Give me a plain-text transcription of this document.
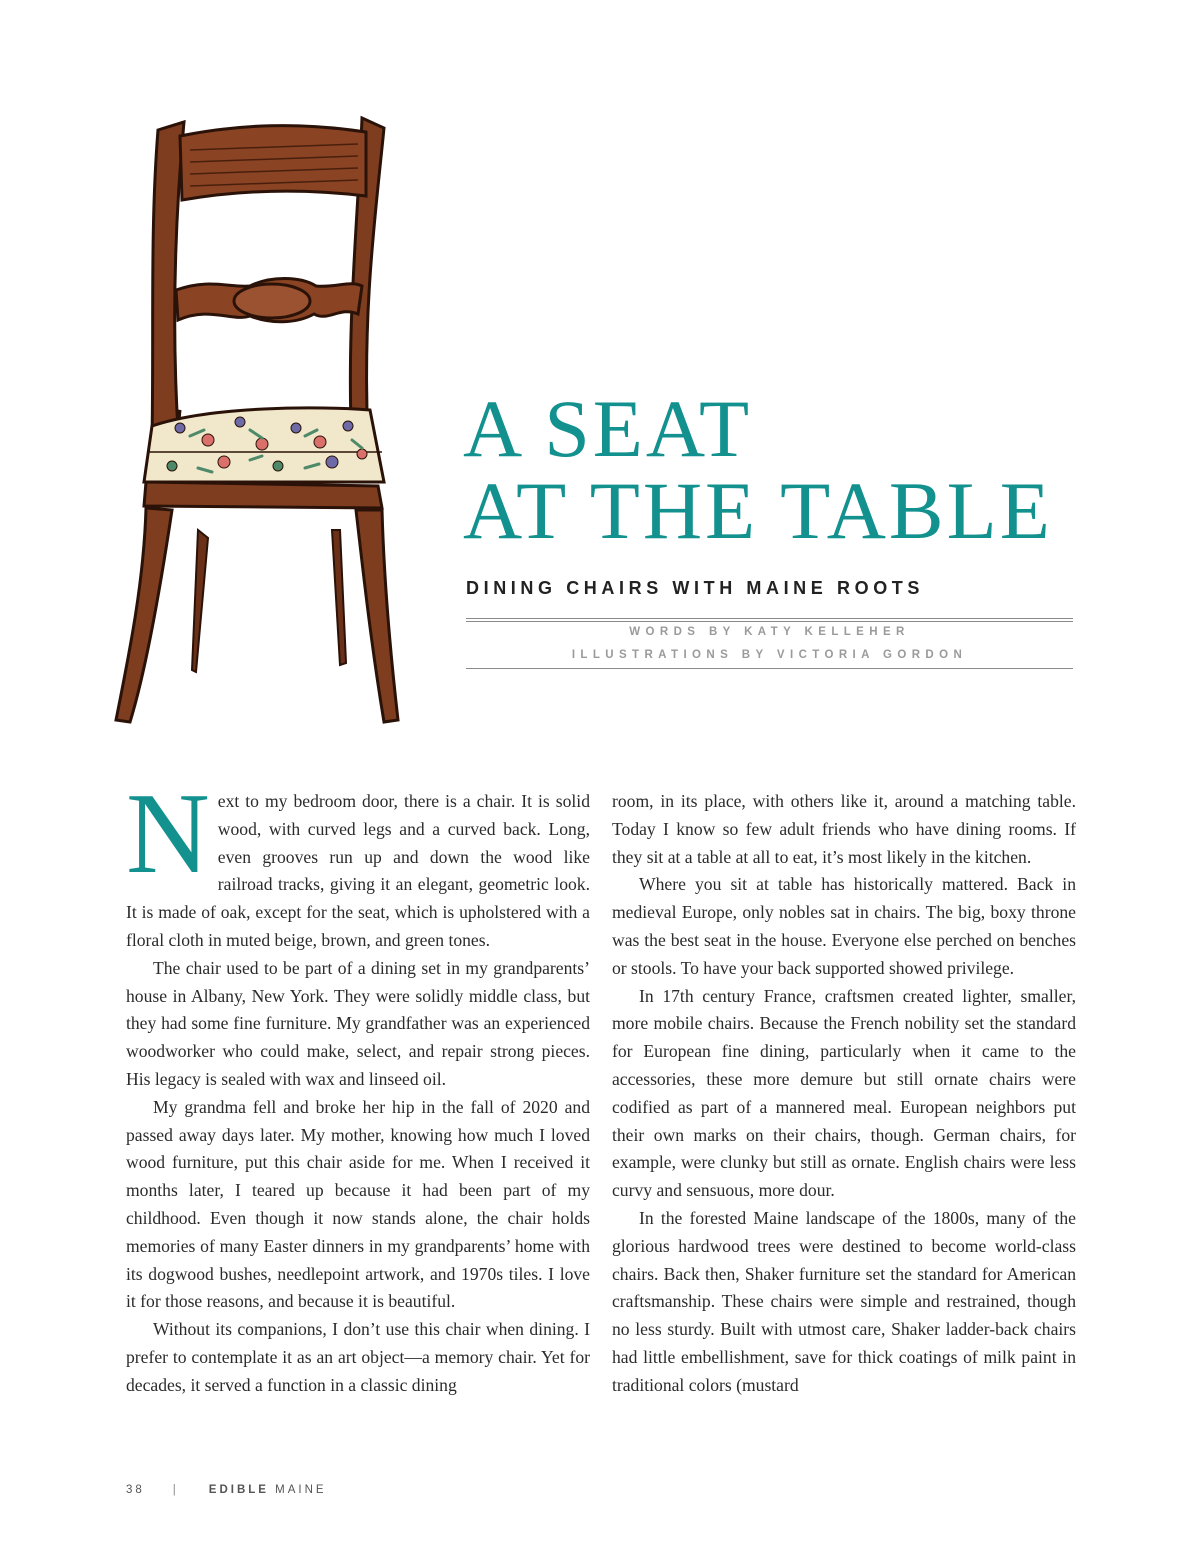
A SEAT
AT THE TABLE
DINING CHAIRS WITH MAINE ROOTS
WORDS BY KATY KELLEHER
ILLUSTRATIONS BY VICTORIA GORDON

Next to my bedroom door, there is a chair. It is solid wood, with curved legs and a curved back. Long, even grooves run up and down the wood like railroad tracks, giving it an elegant, geometric look. It is made of oak, except for the seat, which is upholstered with a floral cloth in muted beige, brown, and green tones.

The chair used to be part of a dining set in my grandparents’ house in Albany, New York. They were solidly middle class, but they had some fine furniture. My grandfather was an experienced woodworker who could make, select, and repair strong pieces. His legacy is sealed with wax and linseed oil.

My grandma fell and broke her hip in the fall of 2020 and passed away days later. My mother, knowing how much I loved wood furniture, put this chair aside for me. When I received it months later, I teared up because it had been part of my childhood. Even though it now stands alone, the chair holds memories of many Easter dinners in my grandparents’ home with its dogwood bushes, needlepoint artwork, and 1970s tiles. I love it for those reasons, and because it is beautiful.

Without its companions, I don’t use this chair when dining. I prefer to contemplate it as an art object—a memory chair. Yet for decades, it served a function in a classic dining

room, in its place, with others like it, around a matching table. Today I know so few adult friends who have dining rooms. If they sit at a table at all to eat, it’s most likely in the kitchen.

Where you sit at table has historically mattered. Back in medieval Europe, only nobles sat in chairs. The big, boxy throne was the best seat in the house. Everyone else perched on benches or stools. To have your back supported showed privilege.

In 17th century France, craftsmen created lighter, smaller, more mobile chairs. Because the French nobility set the standard for European fine dining, particularly when it came to the accessories, these more demure but still ornate chairs were codified as part of a mannered meal. European neighbors put their own marks on their chairs, though. German chairs, for example, were clunky but still as ornate. English chairs were less curvy and sensuous, more dour.

In the forested Maine landscape of the 1800s, many of the glorious hardwood trees were destined to become world-class chairs. Back then, Shaker furniture set the standard for American craftsmanship. These chairs were simple and restrained, though no less sturdy. Built with utmost care, Shaker ladder-back chairs had little embellishment, save for thick coatings of milk paint in traditional colors (mustard

38 |	EDIBLE MAINE
